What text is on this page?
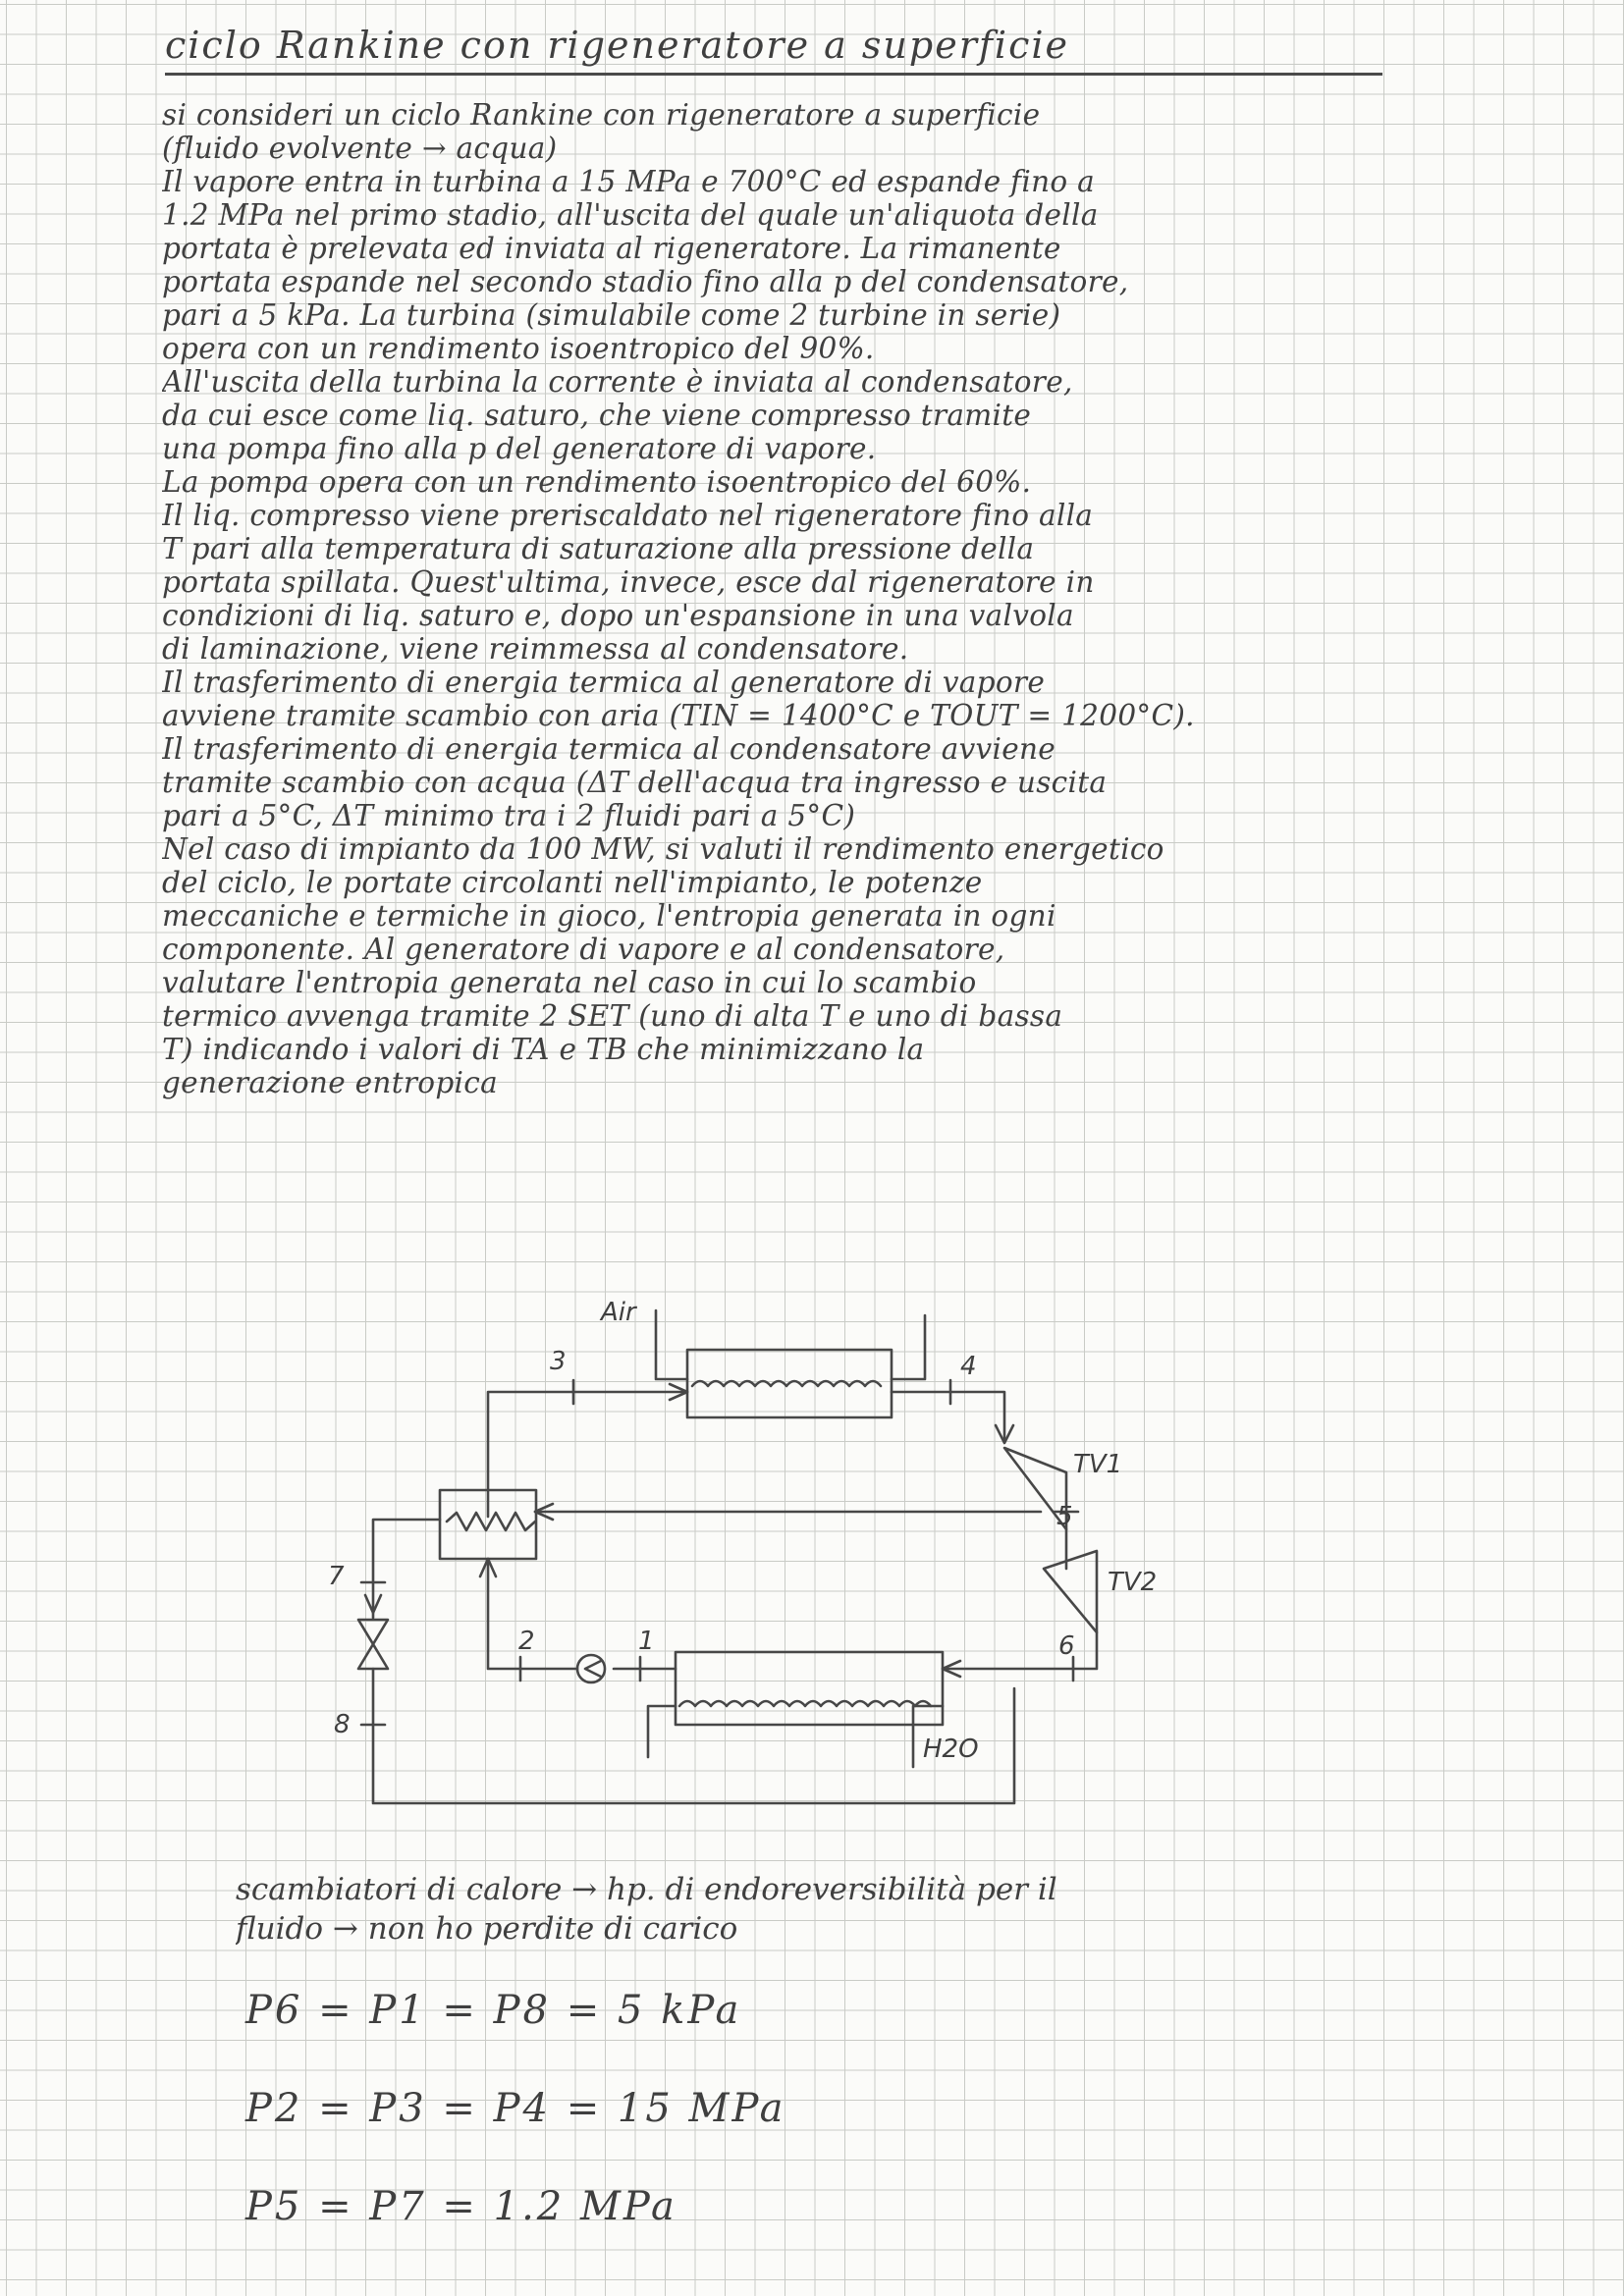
ciclo Rankine con rigeneratore a superficie
si consideri un ciclo Rankine con rigeneratore a superficie
(fluido evolvente → acqua)
Il vapore entra in turbina a 15 MPa e 700°C ed espande fino a
1.2 MPa nel primo stadio, all'uscita del quale un'aliquota della
portata è prelevata ed inviata al rigeneratore. La rimanente
portata espande nel secondo stadio fino alla p del condensatore,
pari a 5 kPa. La turbina (simulabile come 2 turbine in serie)
opera con un rendimento isoentropico del 90%.
All'uscita della turbina la corrente è inviata al condensatore,
da cui esce come liq. saturo, che viene compresso tramite
una pompa fino alla p del generatore di vapore.
La pompa opera con un rendimento isoentropico del 60%.
Il liq. compresso viene preriscaldato nel rigeneratore fino alla
T pari alla temperatura di saturazione alla pressione della
portata spillata. Quest'ultima, invece, esce dal rigeneratore in
condizioni di liq. saturo e, dopo un'espansione in una valvola
di laminazione, viene reimmessa al condensatore.
Il trasferimento di energia termica al generatore di vapore
avviene tramite scambio con aria (TIN = 1400°C e TOUT = 1200°C).
Il trasferimento di energia termica al condensatore avviene
tramite scambio con acqua (ΔT dell'acqua tra ingresso e uscita
pari a 5°C, ΔT minimo tra i 2 fluidi pari a 5°C)
Nel caso di impianto da 100 MW, si valuti il rendimento energetico
del ciclo, le portate circolanti nell'impianto, le potenze
meccaniche e termiche in gioco, l'entropia generata in ogni
componente. Al generatore di vapore e al condensatore,
valutare l'entropia generata nel caso in cui lo scambio
termico avvenga tramite 2 SET (uno di alta T e uno di bassa
T) indicando i valori di TA e TB che minimizzano la
generazione entropica
Air
H2O
TV1
TV2
1
2
3	4
5
6
7
8
scambiatori di calore → hp. di endoreversibilità per il
fluido → non ho perdite di carico
P6 = P1 = P8 = 5 kPa
P2 = P3 = P4 = 15 MPa
P5 = P7 = 1.2 MPa
